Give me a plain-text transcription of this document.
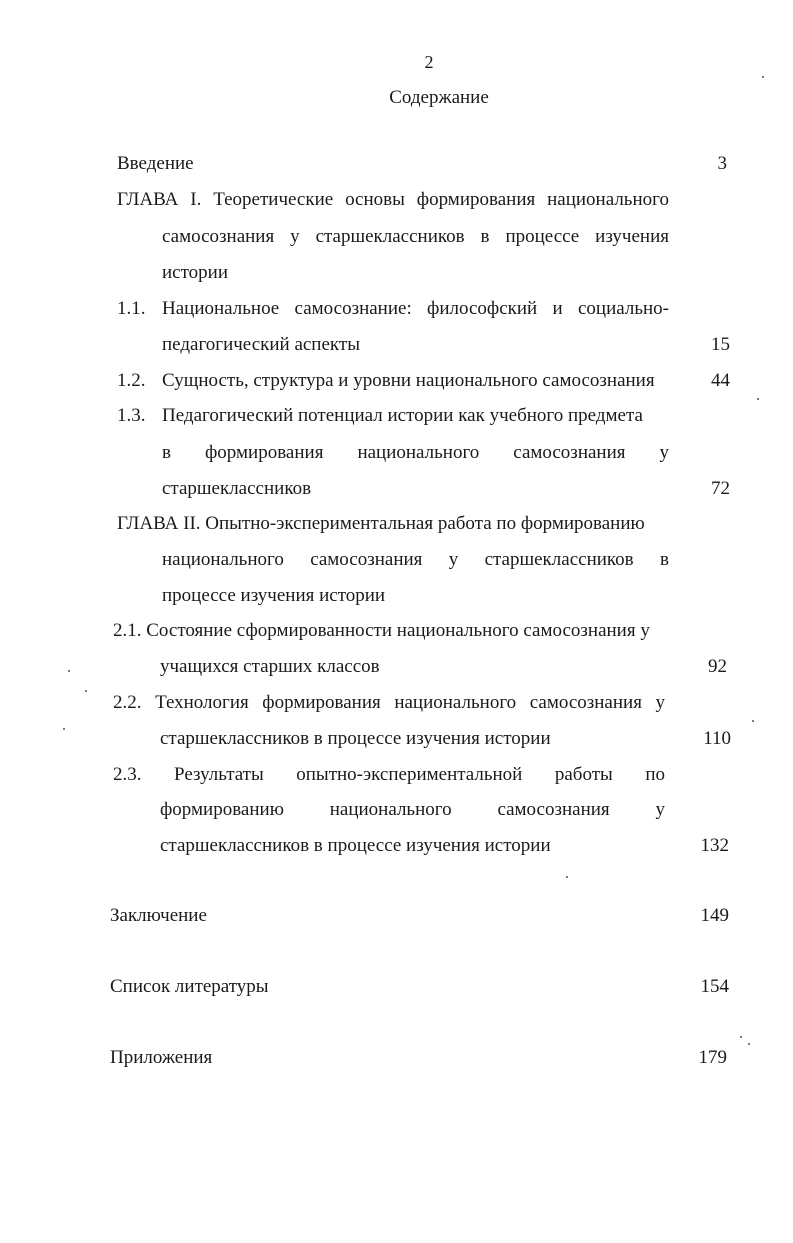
2
Содержание
Введение	3
ГЛАВА I. Теоретические основы формирования национального
самосознания у старшеклассников в процессе изучения
истории
1.1. Национальное самосознание: философский и социально-
педагогический аспекты	15
1.2. Сущность, структура и уровни национального самосознания	44
1.3. Педагогический потенциал истории как учебного предмета
в формирования национального самосознания у
старшеклассников	72
ГЛАВА II. Опытно-экспериментальная работа по формированию
национального самосознания у старшеклассников в
процессе изучения истории
2.1. Состояние сформированности национального самосознания у
учащихся старших классов	92
2.2. Технология формирования национального самосознания у
старшеклассников в процессе изучения истории	110
2.3. Результаты опытно-экспериментальной работы по
формированию национального самосознания у
старшеклассников в процессе изучения истории	132
Заключение	149
Список литературы	154
Приложения	179
